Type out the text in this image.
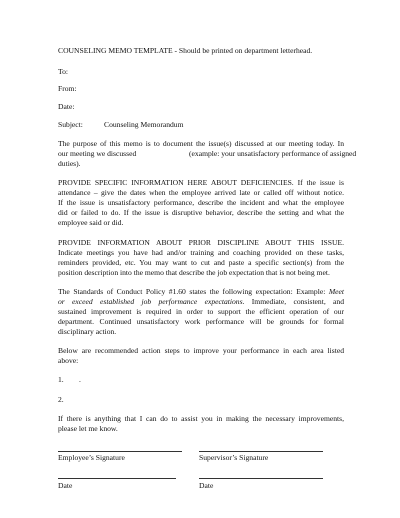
COUNSELING MEMO TEMPLATE - Should be printed on department letterhead.
To:
From:
Date:
Subject:	Counseling Memorandum
The purpose of this memo is to document the issue(s) discussed at our meeting today. In
our meeting we discussed	(example: your unsatisfactory performance of assigned
duties).
PROVIDE SPECIFIC INFORMATION HERE ABOUT DEFICIENCIES. If the issue is
attendance – give the dates when the employee arrived late or called off without notice.
If the issue is unsatisfactory performance, describe the incident and what the employee
did or failed to do. If the issue is disruptive behavior, describe the setting and what the
employee said or did.
PROVIDE INFORMATION ABOUT PRIOR DISCIPLINE ABOUT THIS ISSUE.
Indicate meetings you have had and/or training and coaching provided on these tasks,
reminders provided, etc. You may want to cut and paste a specific section(s) from the
position description into the memo that describe the job expectation that is not being met.
The Standards of Conduct Policy #1.60 states the following expectation: Example: Meet
or exceed established job performance expectations. Immediate, consistent, and
sustained improvement is required in order to support the efficient operation of our
department. Continued unsatisfactory work performance will be grounds for formal
disciplinary action.
Below are recommended action steps to improve your performance in each area listed
above:
1. .
2.
If there is anything that I can do to assist you in making the necessary improvements,
please let me know.
Employee’s Signature	Supervisor’s Signature
Date	Date
